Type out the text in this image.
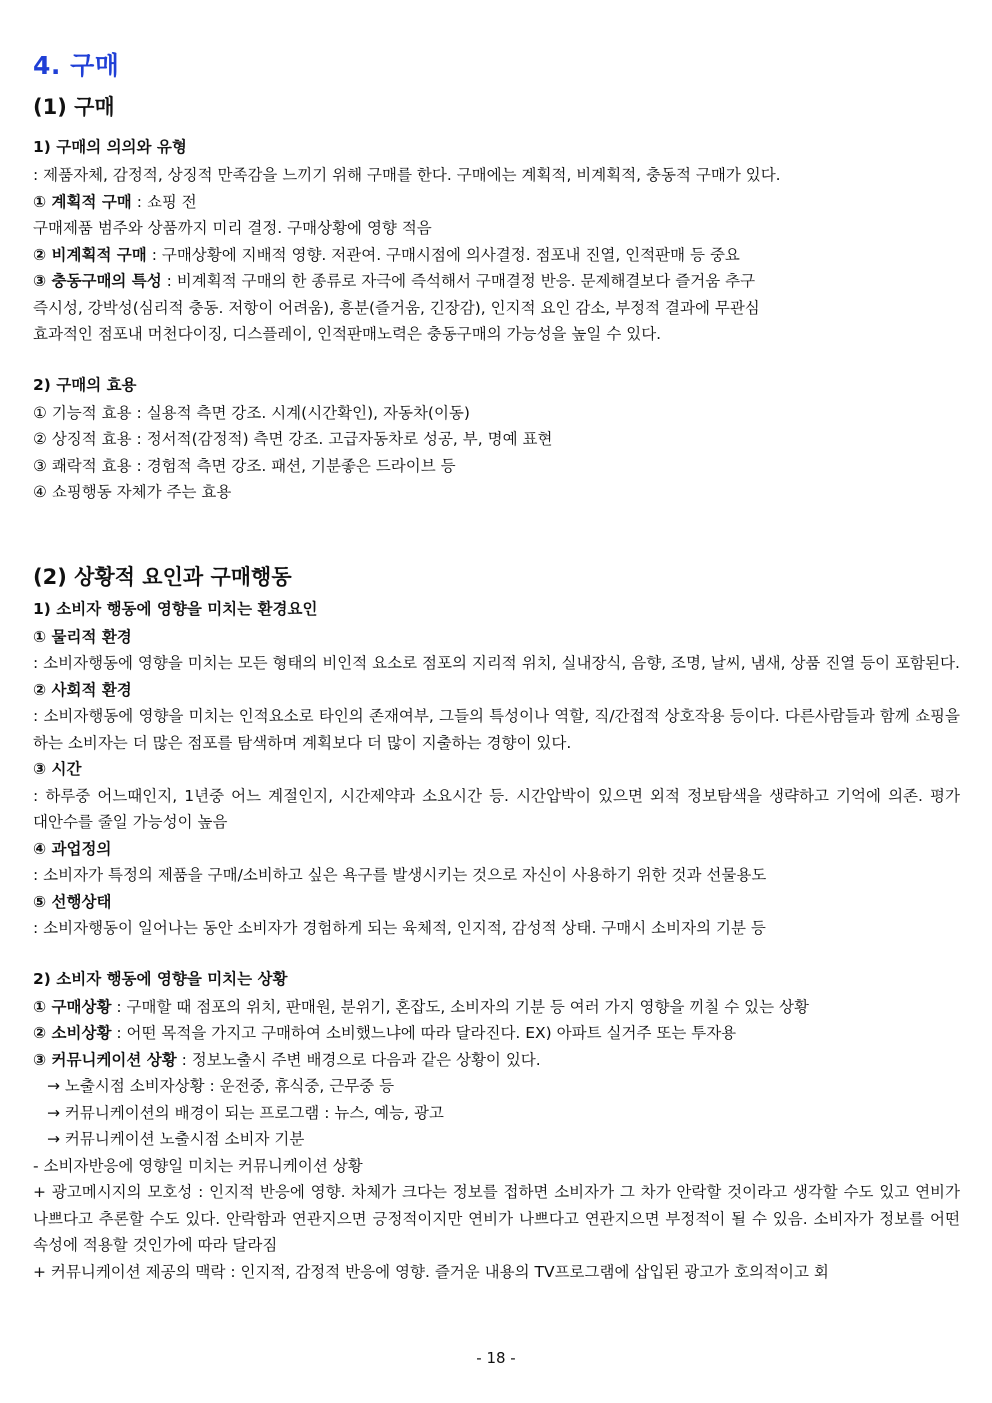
4. 구매
(1) 구매
1) 구매의 의의와 유형

: 제품자체, 감정적, 상징적 만족감을 느끼기 위해 구매를 한다. 구매에는 계획적, 비계획적, 충동적 구매가 있다.

① 계획적 구매 : 쇼핑 전

구매제품 범주와 상품까지 미리 결정. 구매상황에 영향 적음

② 비계획적 구매 : 구매상황에 지배적 영향. 저관여. 구매시점에 의사결정. 점포내 진열, 인적판매 등 중요

③ 충동구매의 특성 : 비계획적 구매의 한 종류로 자극에 즉석해서 구매결정 반응. 문제해결보다 즐거움 추구

즉시성, 강박성(심리적 충동. 저항이 어려움), 흥분(즐거움, 긴장감), 인지적 요인 감소, 부정적 결과에 무관심

효과적인 점포내 머천다이징, 디스플레이, 인적판매노력은 충동구매의 가능성을 높일 수 있다.

2) 구매의 효용

① 기능적 효용 : 실용적 측면 강조. 시계(시간확인), 자동차(이동)

② 상징적 효용 : 정서적(감정적) 측면 강조. 고급자동차로 성공, 부, 명예 표현

③ 쾌락적 효용 : 경험적 측면 강조. 패션, 기분좋은 드라이브 등

④ 쇼핑행동 자체가 주는 효용

(2) 상황적 요인과 구매행동
1) 소비자 행동에 영향을 미치는 환경요인
① 물리적 환경

: 소비자행동에 영향을 미치는 모든 형태의 비인적 요소로 점포의 지리적 위치, 실내장식, 음향, 조명, 날씨, 냄새, 상품 진열 등이 포함된다.

② 사회적 환경

: 소비자행동에 영향을 미치는 인적요소로 타인의 존재여부, 그들의 특성이나 역할, 직/간접적 상호작용 등이다. 다른사람들과 함께 쇼핑을 하는 소비자는 더 많은 점포를 탐색하며 계획보다 더 많이 지출하는 경향이 있다.

③ 시간

: 하루중 어느때인지, 1년중 어느 계절인지, 시간제약과 소요시간 등. 시간압박이 있으면 외적 정보탐색을 생략하고 기억에 의존. 평가 대안수를 줄일 가능성이 높음

④ 과업정의

: 소비자가 특정의 제품을 구매/소비하고 싶은 욕구를 발생시키는 것으로 자신이 사용하기 위한 것과 선물용도

⑤ 선행상태

: 소비자행동이 일어나는 동안 소비자가 경험하게 되는 육체적, 인지적, 감성적 상태. 구매시 소비자의 기분 등

2) 소비자 행동에 영향을 미치는 상황

① 구매상황 : 구매할 때 점포의 위치, 판매원, 분위기, 혼잡도, 소비자의 기분 등 여러 가지 영향을 끼칠 수 있는 상황

② 소비상황 : 어떤 목적을 가지고 구매하여 소비했느냐에 따라 달라진다. EX) 아파트 실거주 또는 투자용

③ 커뮤니케이션 상황 : 정보노출시 주변 배경으로 다음과 같은 상황이 있다.

→ 노출시점 소비자상황 : 운전중, 휴식중, 근무중 등

→ 커뮤니케이션의 배경이 되는 프로그램 : 뉴스, 예능, 광고

→ 커뮤니케이션 노출시점 소비자 기분

- 소비자반응에 영향일 미치는 커뮤니케이션 상황

+ 광고메시지의 모호성 : 인지적 반응에 영향. 차체가 크다는 정보를 접하면 소비자가 그 차가 안락할 것이라고 생각할 수도 있고 연비가 나쁘다고 추론할 수도 있다. 안락함과 연관지으면 긍정적이지만 연비가 나쁘다고 연관지으면 부정적이 될 수 있음. 소비자가 정보를 어떤 속성에 적용할 것인가에 따라 달라짐

+ 커뮤니케이션 제공의 맥락 : 인지적, 감정적 반응에 영향. 즐거운 내용의 TV프로그램에 삽입된 광고가 호의적이고 회

- 18 -
